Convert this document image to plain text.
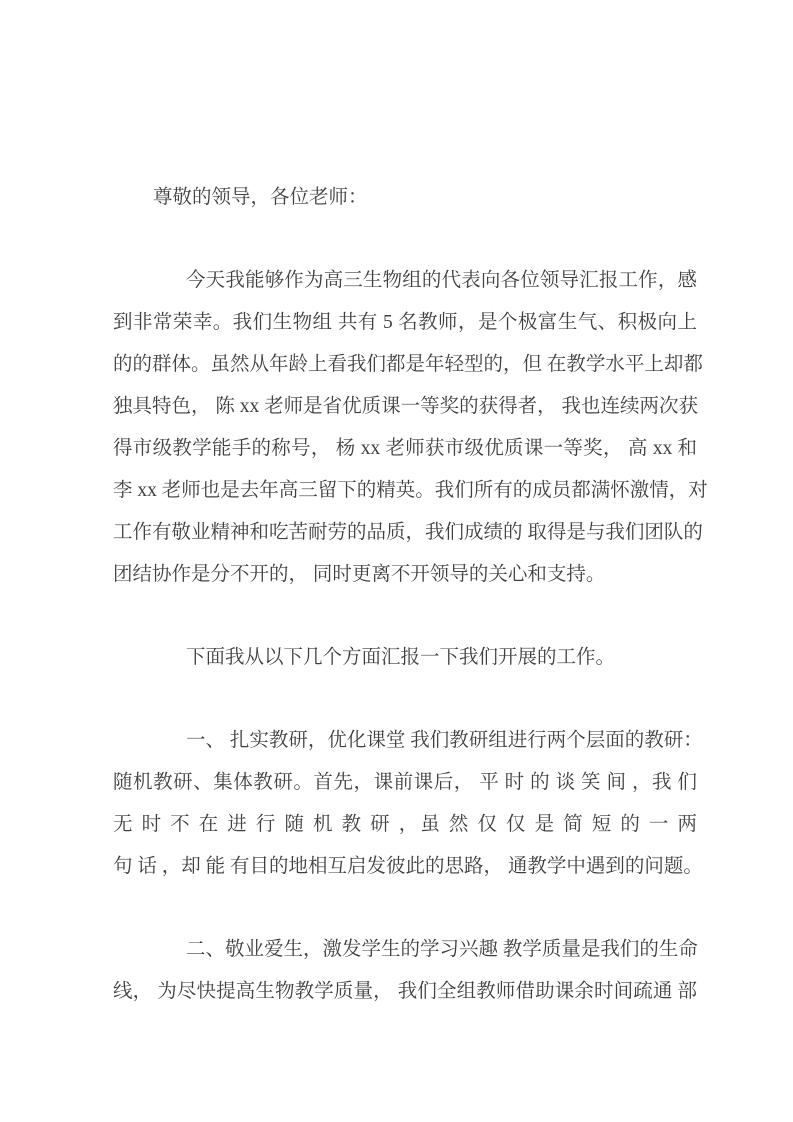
尊敬的领导，各位老师：
今天我能够作为高三生物组的代表向各位领导汇报工作，感
到非常荣幸。我们生物组 共有 5 名教师，是个极富生气、积极向上
的的群体。虽然从年龄上看我们都是年轻型的，但 在教学水平上却都
独具特色， 陈 xx 老师是省优质课一等奖的获得者， 我也连续两次获
得市级教学能手的称号， 杨 xx 老师获市级优质课一等奖， 高 xx 和
李 xx 老师也是去年高三留下的精英。我们所有的成员都满怀激情，对
工作有敬业精神和吃苦耐劳的品质，我们成绩的 取得是与我们团队的
团结协作是分不开的， 同时更离不开领导的关心和支持。
下面我从以下几个方面汇报一下我们开展的工作。
一、 扎实教研，优化课堂 我们教研组进行两个层面的教研：
随机教研、集体教研。首先，课前课后， 平 时 的 谈 笑 间 ，我 们
无 时 不 在 进 行 随 机 教 研 ，虽 然 仅 仅 是 简 短 的 一 两
句 话 ，却 能 有目的地相互启发彼此的思路， 通教学中遇到的问题。
二、敬业爱生，激发学生的学习兴趣 教学质量是我们的生命
线， 为尽快提高生物教学质量， 我们全组教师借助课余时间疏通 部
